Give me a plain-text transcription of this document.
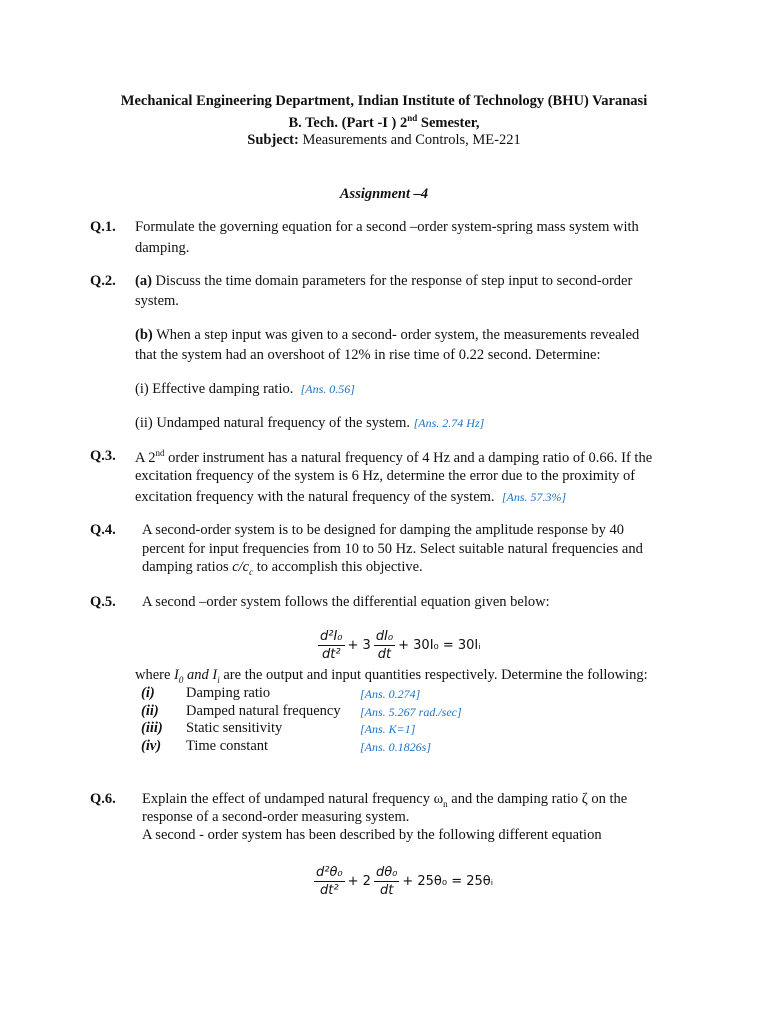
Mechanical Engineering Department, Indian Institute of Technology (BHU) Varanasi
B. Tech. (Part -I ) 2nd Semester,
Subject: Measurements and Controls, ME-221
Assignment –4
Q.1. Formulate the governing equation for a second –order system-spring mass system with
damping.
Q.2. (a) Discuss the time domain parameters for the response of step input to second-order
system.
(b) When a step input was given to a second- order system, the measurements revealed
that the system had an overshoot of 12% in rise time of 0.22 second. Determine:
(i) Effective damping ratio. [Ans. 0.56]
(ii) Undamped natural frequency of the system. [Ans. 2.74 Hz]
Q.3. A 2nd order instrument has a natural frequency of 4 Hz and a damping ratio of 0.66. If the
excitation frequency of the system is 6 Hz, determine the error due to the proximity of
excitation frequency with the natural frequency of the system. [Ans. 57.3%]
Q.4. A second-order system is to be designed for damping the amplitude response by 40
percent for input frequencies from 10 to 50 Hz. Select suitable natural frequencies and
damping ratios $c/c_c$ to accomplish this objective.
Q.5. A second –order system follows the differential equation given below:
$\frac{\text{d²I₀}}{\text{dt²}} + 3 \frac{\text{dI₀}}{dt} + 30I_0$ = 30Iᵢ
where $I_0$ and $I_i$ are the output and input quantities respectively. Determine the following:
(i) Damping ratio	[Ans. 0.274]
(ii) Damped natural frequency [Ans. 5.267 rad./sec]
(iii) Static sensitivity	[Ans. K=1]
(iv) Time constant	[Ans. 0.1826s]
Q.6. Explain the effect of undamped natural frequency $\omega_n$ and the damping ratio ζ on the
response of a second-order measuring system.
A second - order system has been described by the following different equation
$\frac{\text{d²θ₀}}{\text{dt²}} + 2 \frac{\text{dθ₀}}{dt} + 25\theta_0$ = 25θᵢ
